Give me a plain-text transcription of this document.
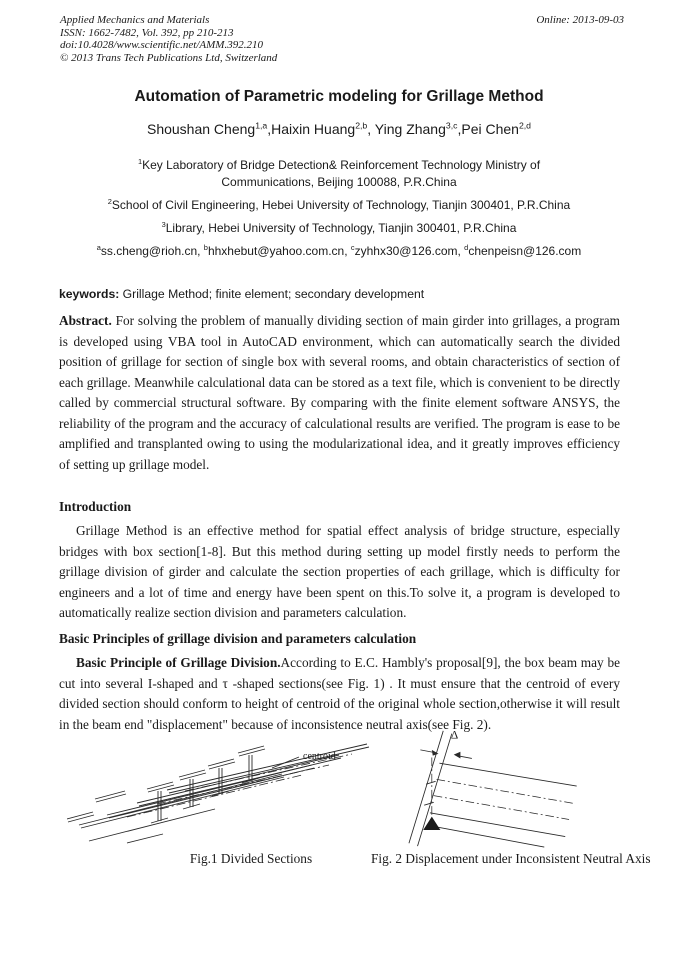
Applied Mechanics and Materials
ISSN: 1662-7482, Vol. 392, pp 210-213
doi:10.4028/www.scientific.net/AMM.392.210
© 2013 Trans Tech Publications Ltd, Switzerland
Online: 2013-09-03
Automation of Parametric modeling for Grillage Method
Shoushan Cheng$^{1,a}$,Haixin Huang$^{2,b}$, Ying Zhang$^{3,c}$,Pei Chen$^{2,d}$
$^1$Key Laboratory of Bridge Detection& Reinforcement Technology Ministry of Communications, Beijing 100088, P.R.China
$^2$School of Civil Engineering, Hebei University of Technology, Tianjin 300401, P.R.China
$^3$Library, Hebei University of Technology, Tianjin 300401, P.R.China
$^a$ss.cheng@rioh.cn, $^b$hhxhebut@yahoo.com.cn, $^c$zyhhx30@126.com, $^d$chenpeisn@126.com
keywords: Grillage Method; finite element; secondary development

Abstract. For solving the problem of manually dividing section of main girder into grillages, a program is developed using VBA tool in AutoCAD environment, which can automatically search the divided position of grillage for section of single box with several rooms, and obtain characteristics of section of each grillage. Meanwhile calculational data can be stored as a text file, which is convenient to be directly called by commercial structural software. By comparing with the finite element software ANSYS, the reliability of the program and the accuracy of calculational results are verified. The program is ease to be amplified and transplanted owing to using the modularizational idea, and it greatly improves efficiency of setting up grillage model.

Introduction

Grillage Method is an effective method for spatial effect analysis of bridge structure, especially bridges with box section[1-8]. But this method during setting up model firstly needs to perform the grillage division of girder and calculate the section properties of each grillage, which is difficulty for engineers and a lot of time and energy have been spent on this.To solve it, a program is developed to automatically realize section division and parameters calculation.

Basic Principles of grillage division and parameters calculation

Basic Principle of Grillage Division.According to E.C. Hambly's proposal[9], the box beam may be cut into several I-shaped and τ -shaped sections(see Fig. 1) . It must ensure that the centroid of every divided section should conform to height of centroid of the original whole section,otherwise it will result in the beam end "displacement" because of inconsistence neutral axis(see Fig. 2).

centroid
Δ
Fig.1 Divided Sections	Fig. 2 Displacement under Inconsistent Neutral Axis
